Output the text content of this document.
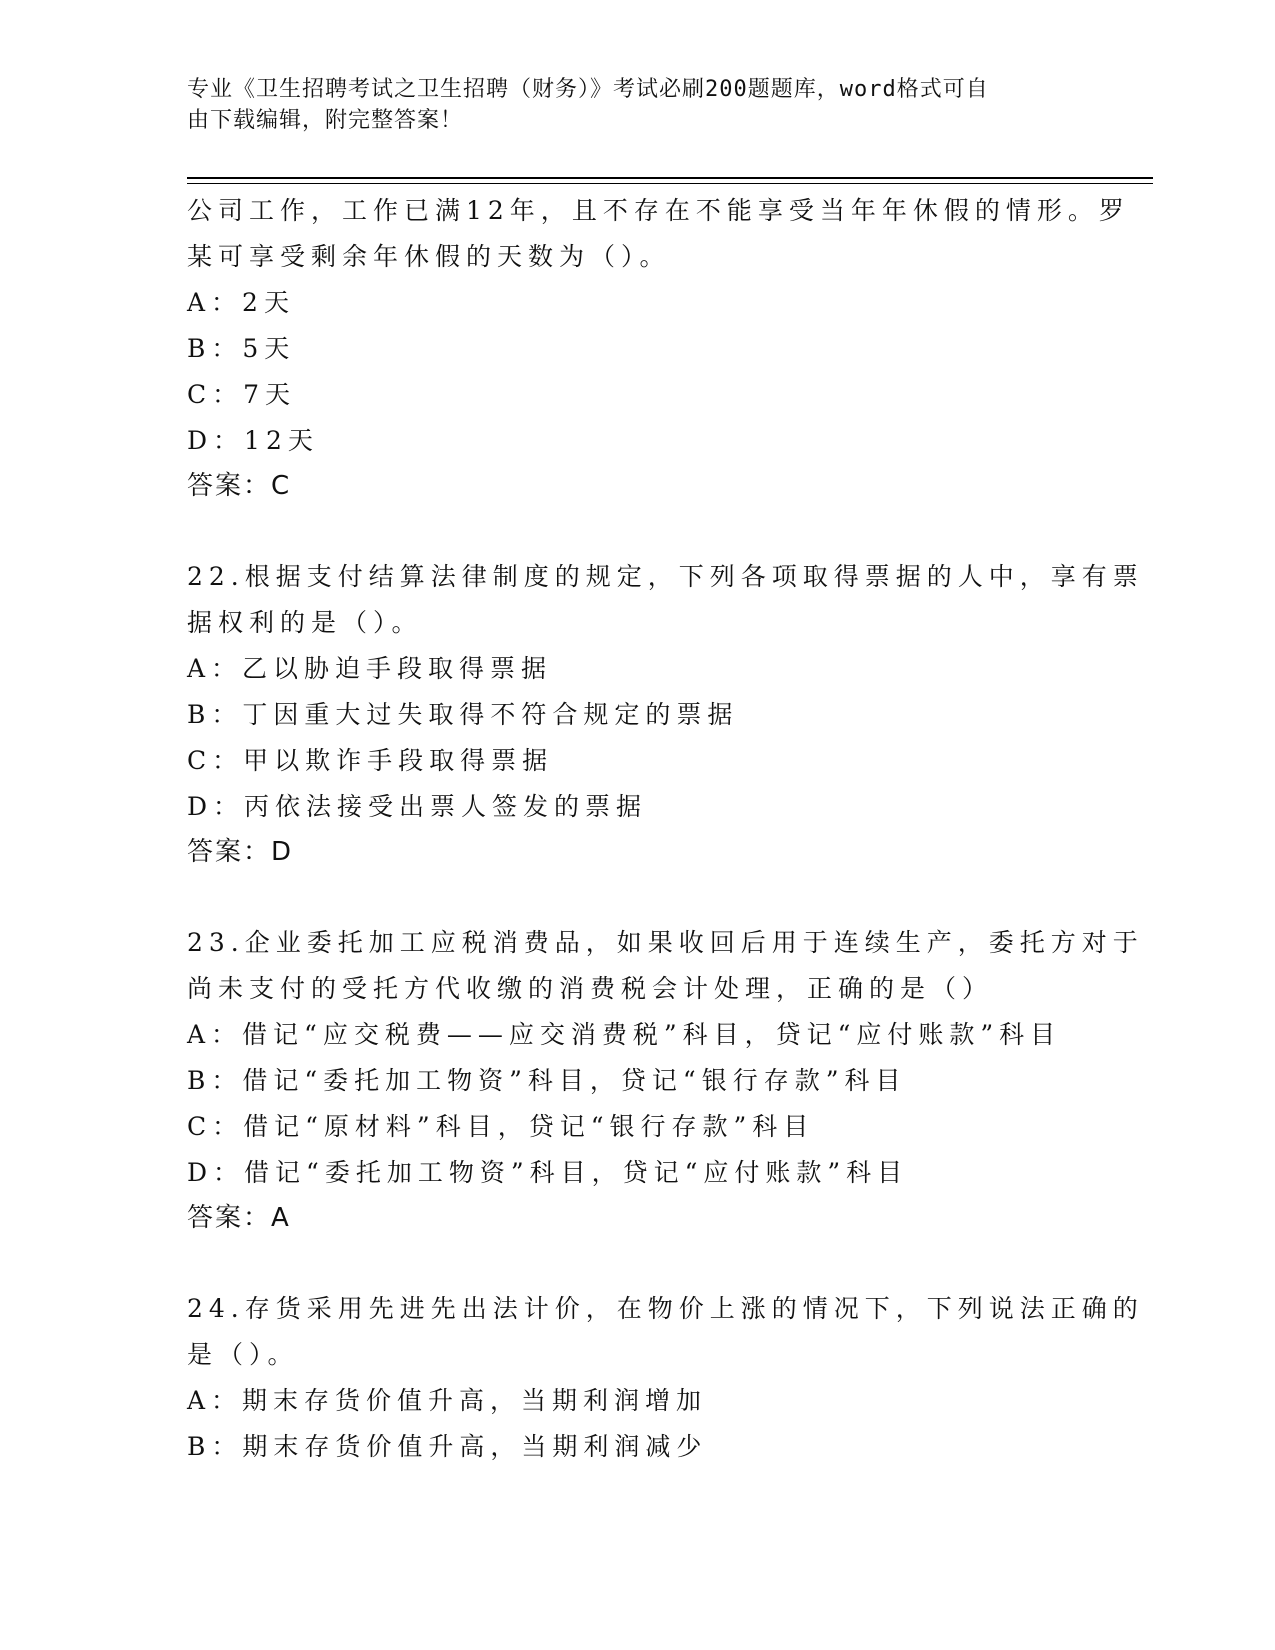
专业《卫生招聘考试之卫生招聘（财务）》考试必刷200题题库，word格式可自
由下载编辑，附完整答案！
公司工作，工作已满12年，且不存在不能享受当年年休假的情形。罗
某可享受剩余年休假的天数为（）。
A：2天
B：5天
C：7天
D：12天
答案：C
22.根据支付结算法律制度的规定，下列各项取得票据的人中，享有票
据权利的是（）。
A：乙以胁迫手段取得票据
B：丁因重大过失取得不符合规定的票据
C：甲以欺诈手段取得票据
D：丙依法接受出票人签发的票据
答案：D
23.企业委托加工应税消费品，如果收回后用于连续生产，委托方对于
尚未支付的受托方代收缴的消费税会计处理，正确的是（）
A：借记“应交税费——应交消费税”科目，贷记“应付账款”科目
B：借记“委托加工物资”科目，贷记“银行存款”科目
C：借记“原材料”科目，贷记“银行存款”科目
D：借记“委托加工物资”科目，贷记“应付账款”科目
答案：A
24.存货采用先进先出法计价，在物价上涨的情况下，下列说法正确的
是（）。
A：期末存货价值升高，当期利润增加
B：期末存货价值升高，当期利润减少
